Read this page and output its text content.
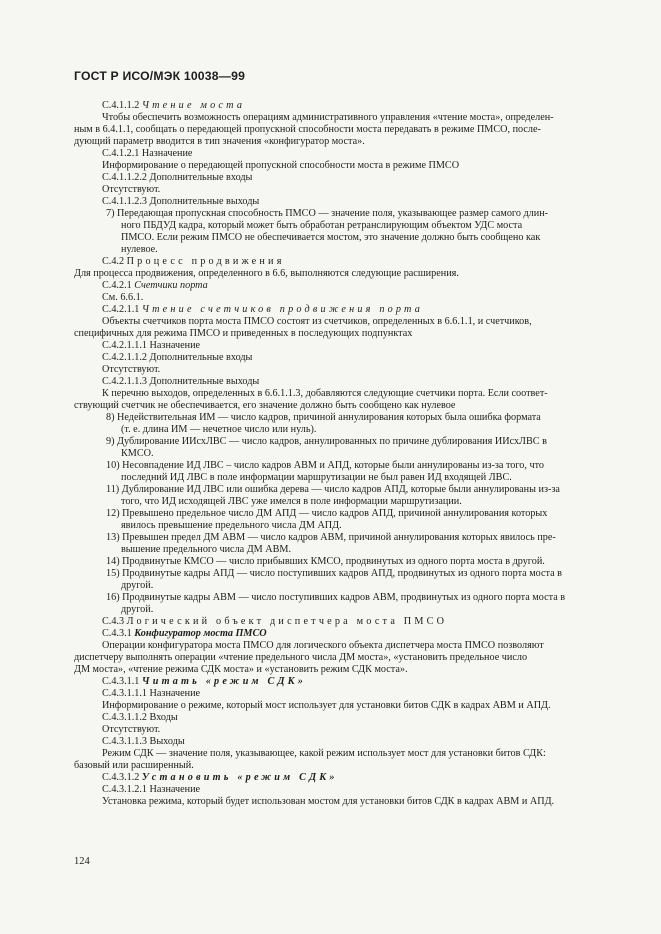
ГОСТ Р ИСО/МЭК 10038—99
C.4.1.1.2 Чтение моста
Чтобы обеспечить возможность операциям административного управления «чтение моста», определен-
ным в 6.4.1.1, сообщать о передающей пропускной способности моста передавать в режиме ПМСО, после-
дующий параметр вводится в тип значения «конфигуратор моста».
С.4.1.2.1 Назначение
Информирование о передающей пропускной способности моста в режиме ПМСО
С.4.1.1.2.2 Дополнительные входы
Отсутствуют.
С.4.1.1.2.3 Дополнительные выходы
7) Передающая пропускная способность ПМСО — значение поля, указывающее размер самого длин-
ного ПБДУД кадра, который может быть обработан ретранслирующим объектом УДС моста
ПМСО. Если режим ПМСО не обеспечивается мостом, это значение должно быть сообщено как
нулевое.
С.4.2 Процесс продвижения
Для процесса продвижения, определенного в 6.6, выполняются следующие расширения.
С.4.2.1 Счетчики порта
См. 6.6.1.
С.4.2.1.1 Чтение счетчиков продвижения порта
Объекты счетчиков порта моста ПМСО состоят из счетчиков, определенных в 6.6.1.1, и счетчиков,
специфичных для режима ПМСО и приведенных в последующих подпунктах
С.4.2.1.1.1 Назначение
С.4.2.1.1.2 Дополнительные входы
Отсутствуют.
С.4.2.1.1.3 Дополнительные выходы
К перечню выходов, определенных в 6.6.1.1.3, добавляются следующие счетчики порта. Если соответ-
ствующий счетчик не обеспечивается, его значение должно быть сообщено как нулевое
8) Недействительная ИМ — число кадров, причиной аннулирования которых была ошибка формата
(т. е. длина ИМ — нечетное число или нуль).
9) Дублирование ИИсхЛВС — число кадров, аннулированных по причине дублирования ИИсхЛВС в
КМСО.
10) Несовпадение ИД ЛВС – число кадров АВМ и АПД, которые были аннулированы из-за того, что
последний ИД ЛВС в поле информации маршрутизации не был равен ИД входящей ЛВС.
11) Дублирование ИД ЛВС или ошибка дерева — число кадров АПД, которые были аннулированы из-за
того, что ИД исходящей ЛВС уже имелся в поле информации маршрутизации.
12) Превышено предельное число ДМ АПД — число кадров АПД, причиной аннулирования которых
явилось превышение предельного числа ДМ АПД.
13) Превышен предел ДМ АВМ — число кадров АВМ, причиной аннулирования которых явилось пре-
вышение предельного числа ДМ АВМ.
14) Продвинутые КМСО — число прибывших КМСО, продвинутых из одного порта моста в другой.
15) Продвинутые кадры АПД — число поступивших кадров АПД, продвинутых из одного порта моста в
другой.
16) Продвинутые кадры АВМ — число поступивших кадров АВМ, продвинутых из одного порта моста в
другой.
С.4.3 Логический объект диспетчера моста ПМСО
С.4.3.1 Конфигуратор моста ПМСО
Операции конфигуратора моста ПМСО для логического объекта диспетчера моста ПМСО позволяют
диспетчеру выполнять операции «чтение предельного числа ДМ моста», «установить предельное число
ДМ моста», «чтение режима СДК моста» и «установить режим СДК моста».
С.4.3.1.1 Читать «режим СДК»
С.4.3.1.1.1 Назначение
Информирование о режиме, который мост использует для установки битов СДК в кадрах АВМ и АПД.
С.4.3.1.1.2 Входы
Отсутствуют.
С.4.3.1.1.3 Выходы
Режим СДК — значение поля, указывающее, какой режим использует мост для установки битов СДК:
базовый или расширенный.
С.4.3.1.2 Установить «режим СДК»
С.4.3.1.2.1 Назначение
Установка режима, который будет использован мостом для установки битов СДК в кадрах АВМ и АПД.
124
